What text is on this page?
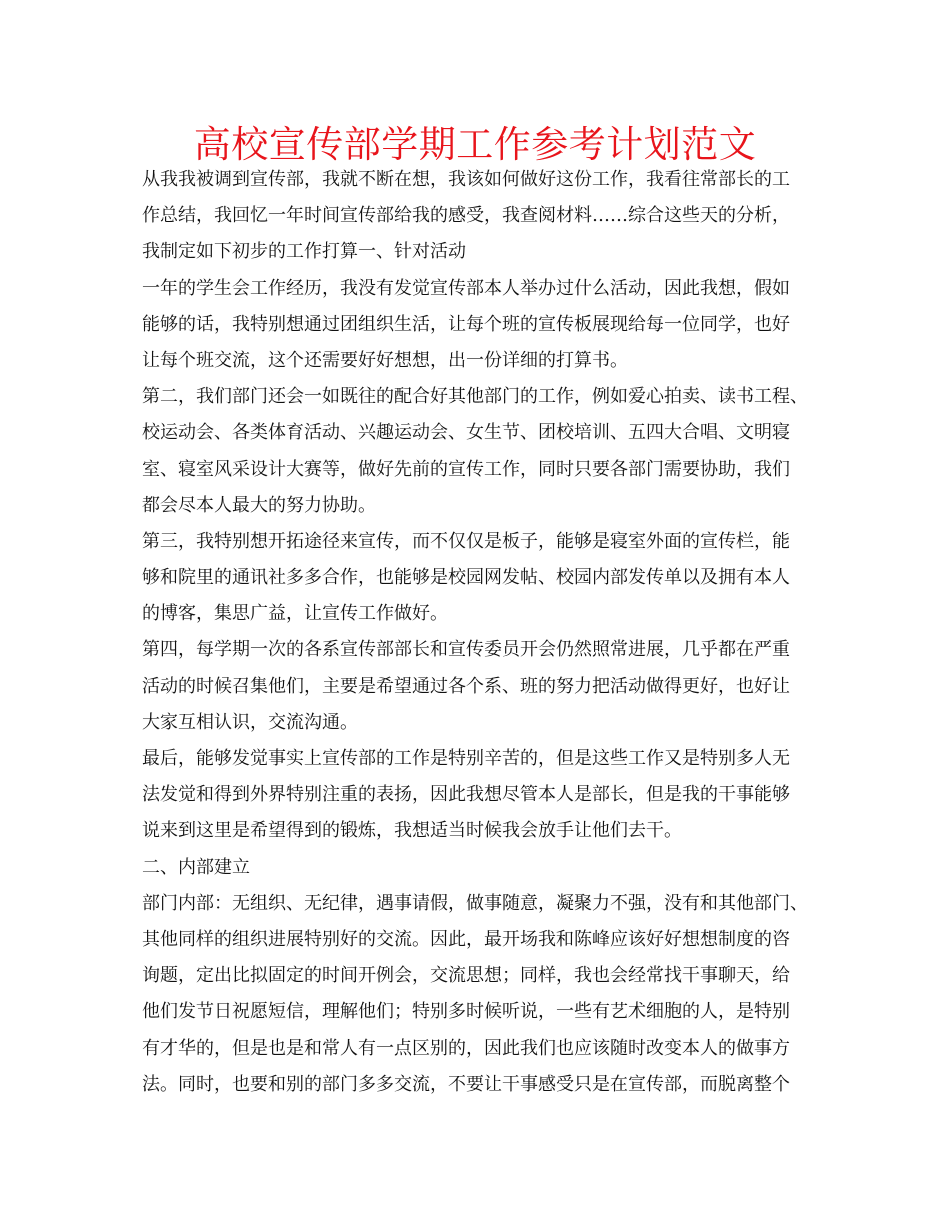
高校宣传部学期工作参考计划范文
从我我被调到宣传部，我就不断在想，我该如何做好这份工作，我看往常部长的工
作总结，我回忆一年时间宣传部给我的感受，我查阅材料……综合这些天的分析，
我制定如下初步的工作打算一、针对活动
一年的学生会工作经历，我没有发觉宣传部本人举办过什么活动，因此我想，假如
能够的话，我特别想通过团组织生活，让每个班的宣传板展现给每一位同学，也好
让每个班交流，这个还需要好好想想，出一份详细的打算书。
第二，我们部门还会一如既往的配合好其他部门的工作，例如爱心拍卖、读书工程、
校运动会、各类体育活动、兴趣运动会、女生节、团校培训、五四大合唱、文明寝
室、寝室风采设计大赛等，做好先前的宣传工作，同时只要各部门需要协助，我们
都会尽本人最大的努力协助。
第三，我特别想开拓途径来宣传，而不仅仅是板子，能够是寝室外面的宣传栏，能
够和院里的通讯社多多合作，也能够是校园网发帖、校园内部发传单以及拥有本人
的博客，集思广益，让宣传工作做好。
第四，每学期一次的各系宣传部部长和宣传委员开会仍然照常进展，几乎都在严重
活动的时候召集他们，主要是希望通过各个系、班的努力把活动做得更好，也好让
大家互相认识，交流沟通。
最后，能够发觉事实上宣传部的工作是特别辛苦的，但是这些工作又是特别多人无
法发觉和得到外界特别注重的表扬，因此我想尽管本人是部长，但是我的干事能够
说来到这里是希望得到的锻炼，我想适当时候我会放手让他们去干。
二、内部建立
部门内部：无组织、无纪律，遇事请假，做事随意，凝聚力不强，没有和其他部门、
其他同样的组织进展特别好的交流。因此，最开场我和陈峰应该好好想想制度的咨
询题，定出比拟固定的时间开例会，交流思想；同样，我也会经常找干事聊天，给
他们发节日祝愿短信，理解他们；特别多时候听说，一些有艺术细胞的人，是特别
有才华的，但是也是和常人有一点区别的，因此我们也应该随时改变本人的做事方
法。同时，也要和别的部门多多交流，不要让干事感受只是在宣传部，而脱离整个
